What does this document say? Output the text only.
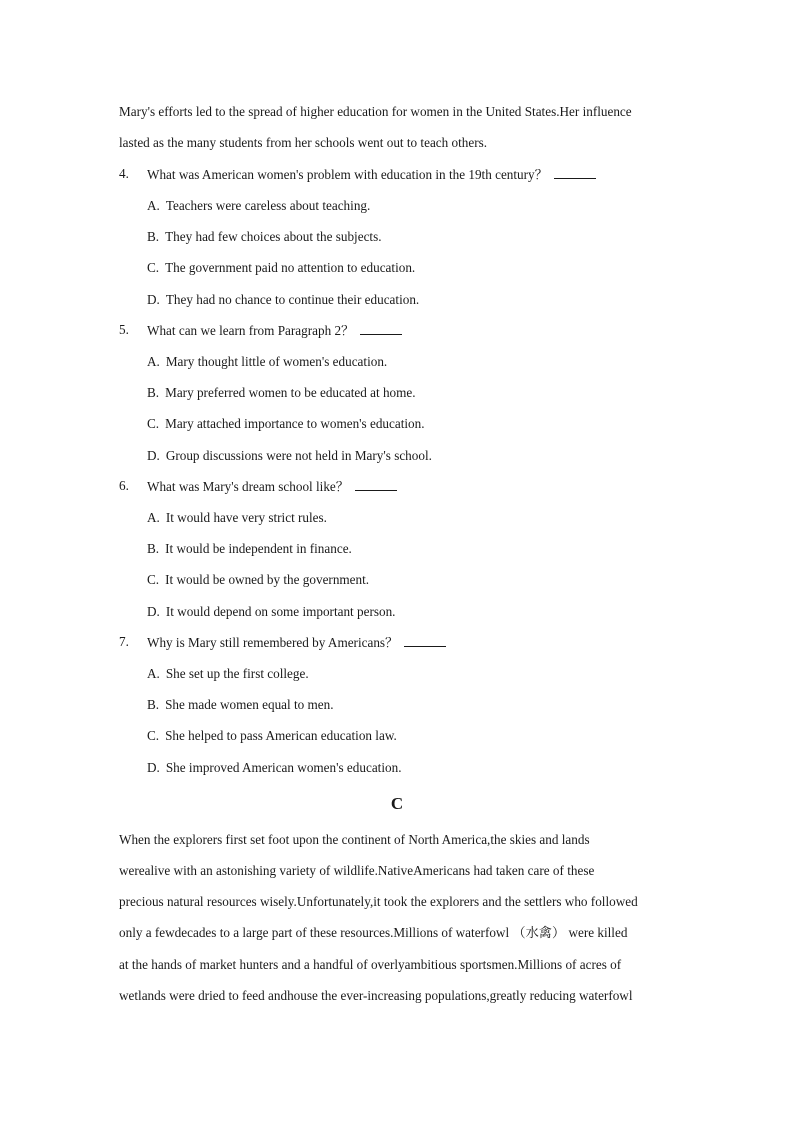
Mary's efforts led to the spread of higher education for women in the United States.Her influence
lasted as the many students from her schools went out to teach others.
4. What was American women's problem with education in the 19th century？
A. Teachers were careless about teaching.
B. They had few choices about the subjects.
C. The government paid no attention to education.
D. They had no chance to continue their education.
5. What can we learn from Paragraph 2？
A. Mary thought little of women's education.
B. Mary preferred women to be educated at home.
C. Mary attached importance to women's education.
D. Group discussions were not held in Mary's school.
6. What was Mary's dream school like？
A. It would have very strict rules.
B. It would be independent in finance.
C. It would be owned by the government.
D. It would depend on some important person.
7. Why is Mary still remembered by Americans？
A. She set up the first college.
B. She made women equal to men.
C. She helped to pass American education law.
D. She improved American women's education.
C
When the explorers first set foot upon the continent of North America,the skies and lands
werealive with an astonishing variety of wildlife.NativeAmericans had taken care of these
precious natural resources wisely.Unfortunately,it took the explorers and the settlers who followed
only a fewdecades to a large part of these resources.Millions of waterfowl （水禽） were killed
at the hands of market hunters and a handful of overlyambitious sportsmen.Millions of acres of
wetlands were dried to feed andhouse the ever-increasing populations,greatly reducing waterfowl
